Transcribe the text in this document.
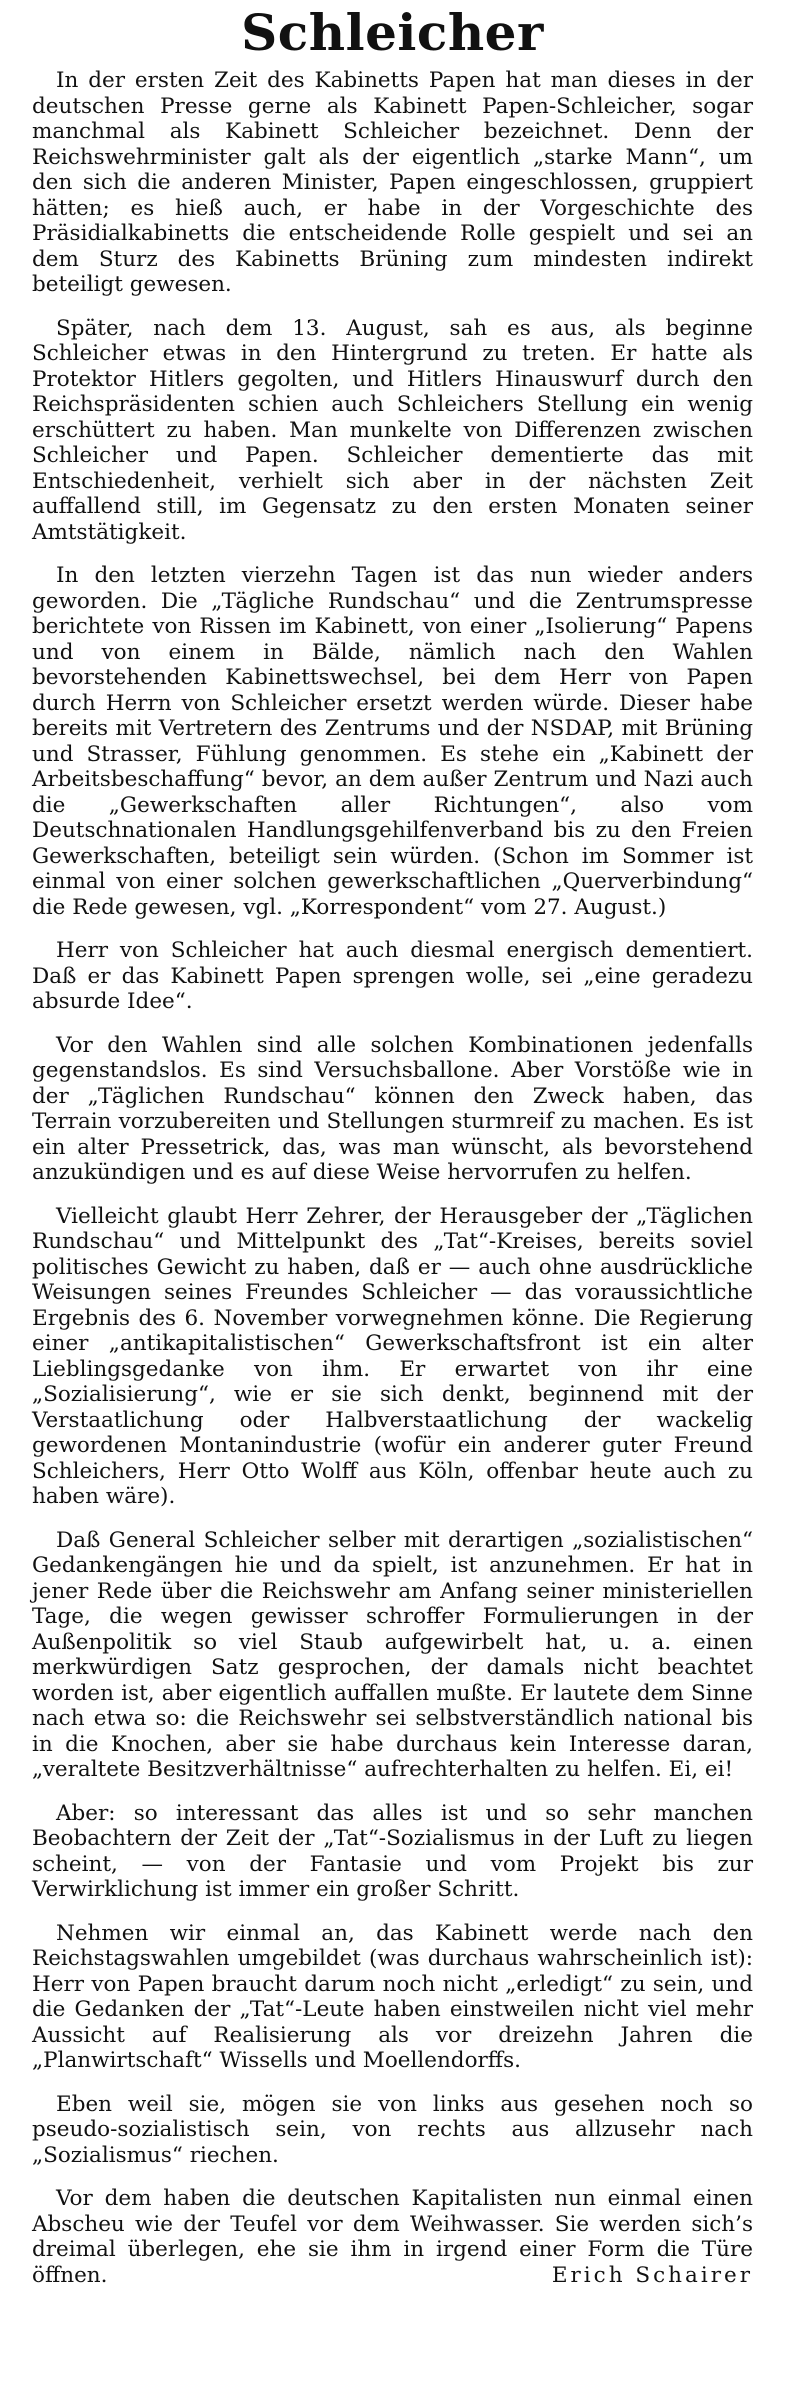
Schleicher

In der ersten Zeit des Kabinetts Papen hat man dieses in der deutschen Presse gerne als Kabinett Papen-Schleicher, sogar manchmal als Kabinett Schleicher bezeichnet. Denn der Reichswehrminister galt als der eigentlich „starke Mann“, um den sich die anderen Minister, Papen eingeschlossen, gruppiert hätten; es hieß auch, er habe in der Vorgeschichte des Präsidialkabinetts die entscheidende Rolle gespielt und sei an dem Sturz des Kabinetts Brüning zum mindesten indirekt beteiligt gewesen.

Später, nach dem 13. August, sah es aus, als beginne Schleicher etwas in den Hintergrund zu treten. Er hatte als Protektor Hitlers gegolten, und Hitlers Hinauswurf durch den Reichspräsidenten schien auch Schleichers Stellung ein wenig erschüttert zu haben. Man munkelte von Differenzen zwischen Schleicher und Papen. Schleicher dementierte das mit Entschiedenheit, verhielt sich aber in der nächsten Zeit auffallend still, im Gegensatz zu den ersten Monaten seiner Amtstätigkeit.

In den letzten vierzehn Tagen ist das nun wieder anders geworden. Die „Tägliche Rundschau“ und die Zentrumspresse berichtete von Rissen im Kabinett, von einer „Isolierung“ Papens und von einem in Bälde, nämlich nach den Wahlen bevorstehenden Kabinettswechsel, bei dem Herr von Papen durch Herrn von Schleicher ersetzt werden würde. Dieser habe bereits mit Vertretern des Zentrums und der NSDAP, mit Brüning und Strasser, Fühlung genommen. Es stehe ein „Kabinett der Arbeitsbeschaffung“ bevor, an dem außer Zentrum und Nazi auch die „Gewerkschaften aller Richtungen“, also vom Deutschnationalen Handlungsgehilfenverband bis zu den Freien Gewerkschaften, beteiligt sein würden. (Schon im Sommer ist einmal von einer solchen gewerkschaftlichen „Querverbindung“ die Rede gewesen, vgl. „Korrespondent“ vom 27. August.)

Herr von Schleicher hat auch diesmal energisch dementiert. Daß er das Kabinett Papen sprengen wolle, sei „eine geradezu absurde Idee“.

Vor den Wahlen sind alle solchen Kombinationen jedenfalls gegenstandslos. Es sind Versuchsballone. Aber Vorstöße wie in der „Täglichen Rundschau“ können den Zweck haben, das Terrain vorzubereiten und Stellungen sturmreif zu machen. Es ist ein alter Pressetrick, das, was man wünscht, als bevorstehend anzukündigen und es auf diese Weise hervorrufen zu helfen.

Vielleicht glaubt Herr Zehrer, der Herausgeber der „Täglichen Rundschau“ und Mittelpunkt des „Tat“-Kreises, bereits soviel politisches Gewicht zu haben, daß er — auch ohne ausdrückliche Weisungen seines Freundes Schleicher — das voraussichtliche Ergebnis des 6. November vorwegnehmen könne. Die Regierung einer „antikapitalistischen“ Gewerkschaftsfront ist ein alter Lieblingsgedanke von ihm. Er erwartet von ihr eine „Sozialisierung“, wie er sie sich denkt, beginnend mit der Verstaatlichung oder Halbverstaatlichung der wackelig gewordenen Montanindustrie (wofür ein anderer guter Freund Schleichers, Herr Otto Wolff aus Köln, offenbar heute auch zu haben wäre).

Daß General Schleicher selber mit derartigen „sozialistischen“ Gedankengängen hie und da spielt, ist anzunehmen. Er hat in jener Rede über die Reichswehr am Anfang seiner ministeriellen Tage, die wegen gewisser schroffer Formulierungen in der Außenpolitik so viel Staub aufgewirbelt hat, u. a. einen merkwürdigen Satz gesprochen, der damals nicht beachtet worden ist, aber eigentlich auffallen mußte. Er lautete dem Sinne nach etwa so: die Reichswehr sei selbstverständlich national bis in die Knochen, aber sie habe durchaus kein Interesse daran, „veraltete Besitzverhältnisse“ aufrechterhalten zu helfen. Ei, ei!

Aber: so interessant das alles ist und so sehr manchen Beobachtern der Zeit der „Tat“-Sozialismus in der Luft zu liegen scheint, — von der Fantasie und vom Projekt bis zur Verwirklichung ist immer ein großer Schritt.

Nehmen wir einmal an, das Kabinett werde nach den Reichstagswahlen umgebildet (was durchaus wahrscheinlich ist): Herr von Papen braucht darum noch nicht „erledigt“ zu sein, und die Gedanken der „Tat“-Leute haben einstweilen nicht viel mehr Aussicht auf Realisierung als vor dreizehn Jahren die „Planwirtschaft“ Wissells und Moellendorffs.

Eben weil sie, mögen sie von links aus gesehen noch so pseudo-sozialistisch sein, von rechts aus allzusehr nach „Sozialismus“ riechen.

Vor dem haben die deutschen Kapitalisten nun einmal einen Abscheu wie der Teufel vor dem Weihwasser. Sie werden sich’s dreimal überlegen, ehe sie ihm in irgend einer Form die Türe öffnen.	Erich Schairer
